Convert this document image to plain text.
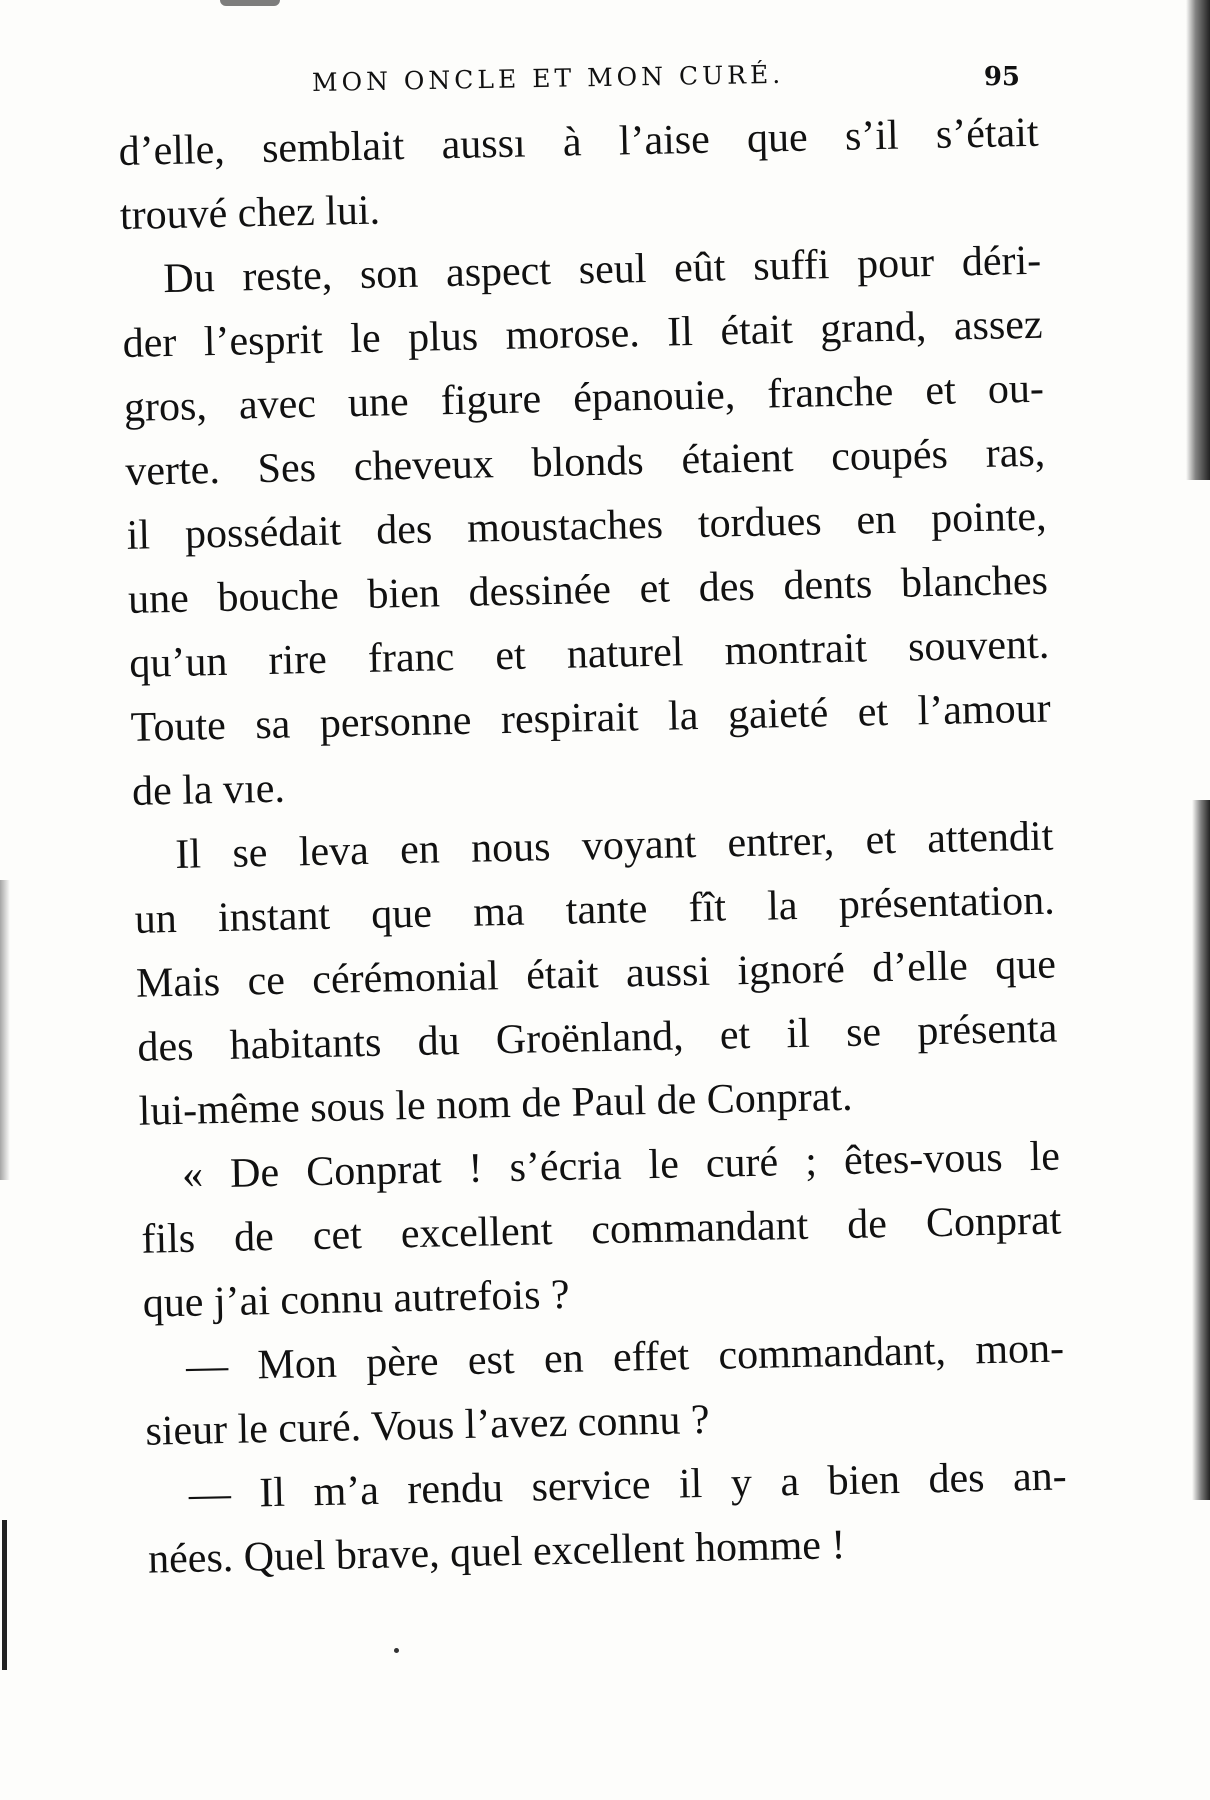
MON ONCLE ET MON CURÉ.	95
d’elle, semblait aussı à l’aise que s’il s’était
trouvé chez lui.
Du reste, son aspect seul eût suffi pour déri-
der l’esprit le plus morose. Il était grand, assez
gros, avec une figure épanouie, franche et ou-
verte. Ses cheveux blonds étaient coupés ras,
il possédait des moustaches tordues en pointe,
une bouche bien dessinée et des dents blanches
qu’un rire franc et naturel montrait souvent.
Toute sa personne respirait la gaieté et l’amour
de la vıe.
Il se leva en nous voyant entrer, et attendit
un instant que ma tante fît la présentation.
Mais ce cérémonial était aussi ignoré d’elle que
des habitants du Groënland, et il se présenta
lui-même sous le nom de Paul de Conprat.
« De Conprat ! s’écria le curé ; êtes-vous le
fils de cet excellent commandant de Conprat
que j’ai connu autrefois ?
— Mon père est en effet commandant, mon-
sieur le curé. Vous l’avez connu ?
— Il m’a rendu service il y a bien des an-
nées. Quel brave, quel excellent homme !
